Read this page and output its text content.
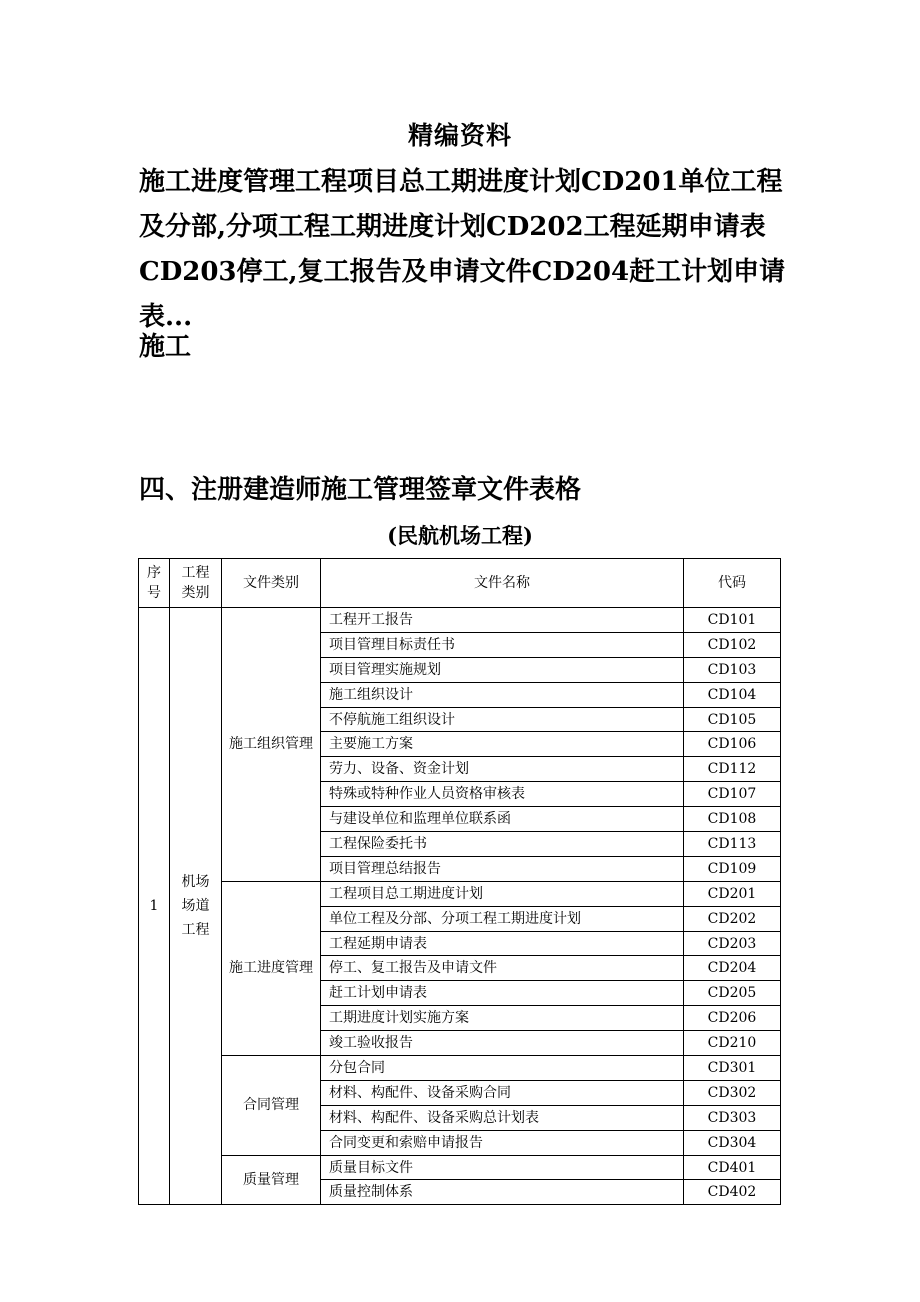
精编资料

施工进度管理工程项目总工期进度计划CD201单位工程及分部,分项工程工期进度计划CD202工程延期申请表CD203停工,复工报告及申请文件CD204赶工计划申请表...

施工

四、注册建造师施工管理签章文件表格

(民航机场工程)
序号	工程类别	文件类别	文件名称	代码
1	机场场道工程	施工组织管理	工程开工报告	CD101
			项目管理目标责任书	CD102
			项目管理实施规划	CD103
			施工组织设计	CD104
			不停航施工组织设计	CD105
			主要施工方案	CD106
			劳力、设备、资金计划	CD112
			特殊或特种作业人员资格审核表	CD107
			与建设单位和监理单位联系函	CD108
			工程保险委托书	CD113
			项目管理总结报告	CD109
		施工进度管理	工程项目总工期进度计划	CD201
			单位工程及分部、分项工程工期进度计划	CD202
			工程延期申请表	CD203
			停工、复工报告及申请文件	CD204
			赶工计划申请表	CD205
			工期进度计划实施方案	CD206
			竣工验收报告	CD210
		合同管理	分包合同	CD301
			材料、构配件、设备采购合同	CD302
			材料、构配件、设备采购总计划表	CD303
			合同变更和索赔申请报告	CD304
		质量管理	质量目标文件	CD401
			质量控制体系	CD402
